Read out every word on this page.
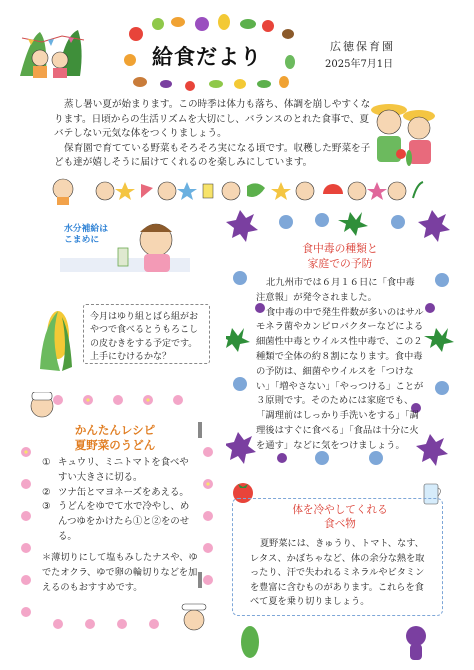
給食だより	広徳保育園
2025年7月1日

蒸し暑い夏が始まります。この時季は体力も落ち、体調を崩しやすくなります。日頃からの生活リズムを大切にし、バランスのとれた食事で、夏バテしない元気な体をつくりましょう。

保育園で育てている野菜もそろそろ実になる頃です。収穫した野菜を子ども達が嬉しそうに届けてくれるのを楽しみにしています。

水分補給は
こまめに
今月はゆり組とばら組がおやつで食べるとうもろこしの皮むきをする予定です。上手にむけるかな？
かんたんレシピ
夏野菜のうどん
① キュウリ、ミニトマトを食べやすい大きさに切る。
② ツナ缶とマヨネーズをあえる。
③ うどんをゆでて水で冷やし、めんつゆをかけたら①と②をのせる。
＊薄切りにして塩もみしたナスや、ゆでたオクラ、ゆで卵の輪切りなどを加えるのもおすすめです。
食中毒の種類と
家庭での予防

北九州市では６月１６日に「食中毒注意報」が発令されました。

食中毒の中で発生件数が多いのはサルモネラ菌やカンピロバクターなどによる細菌性中毒とウイルス性中毒で、この２種類で全体の約８割になります。食中毒の予防は、細菌やウイルスを「つけない」「増やさない」「やっつける」ことが３原則です。そのためには家庭でも、「調理前はしっかり手洗いをする」「調理後はすぐに食べる」「食品は十分に火を通す」などに気をつけましょう。

体を冷やしてくれる
食べ物

夏野菜には、きゅうり、トマト、なす、レタス、かぼちゃなど、体の余分な熱を取ったり、汗で失われるミネラルやビタミンを豊富に含むものがあります。これらを食べて夏を乗り切りましょう。
